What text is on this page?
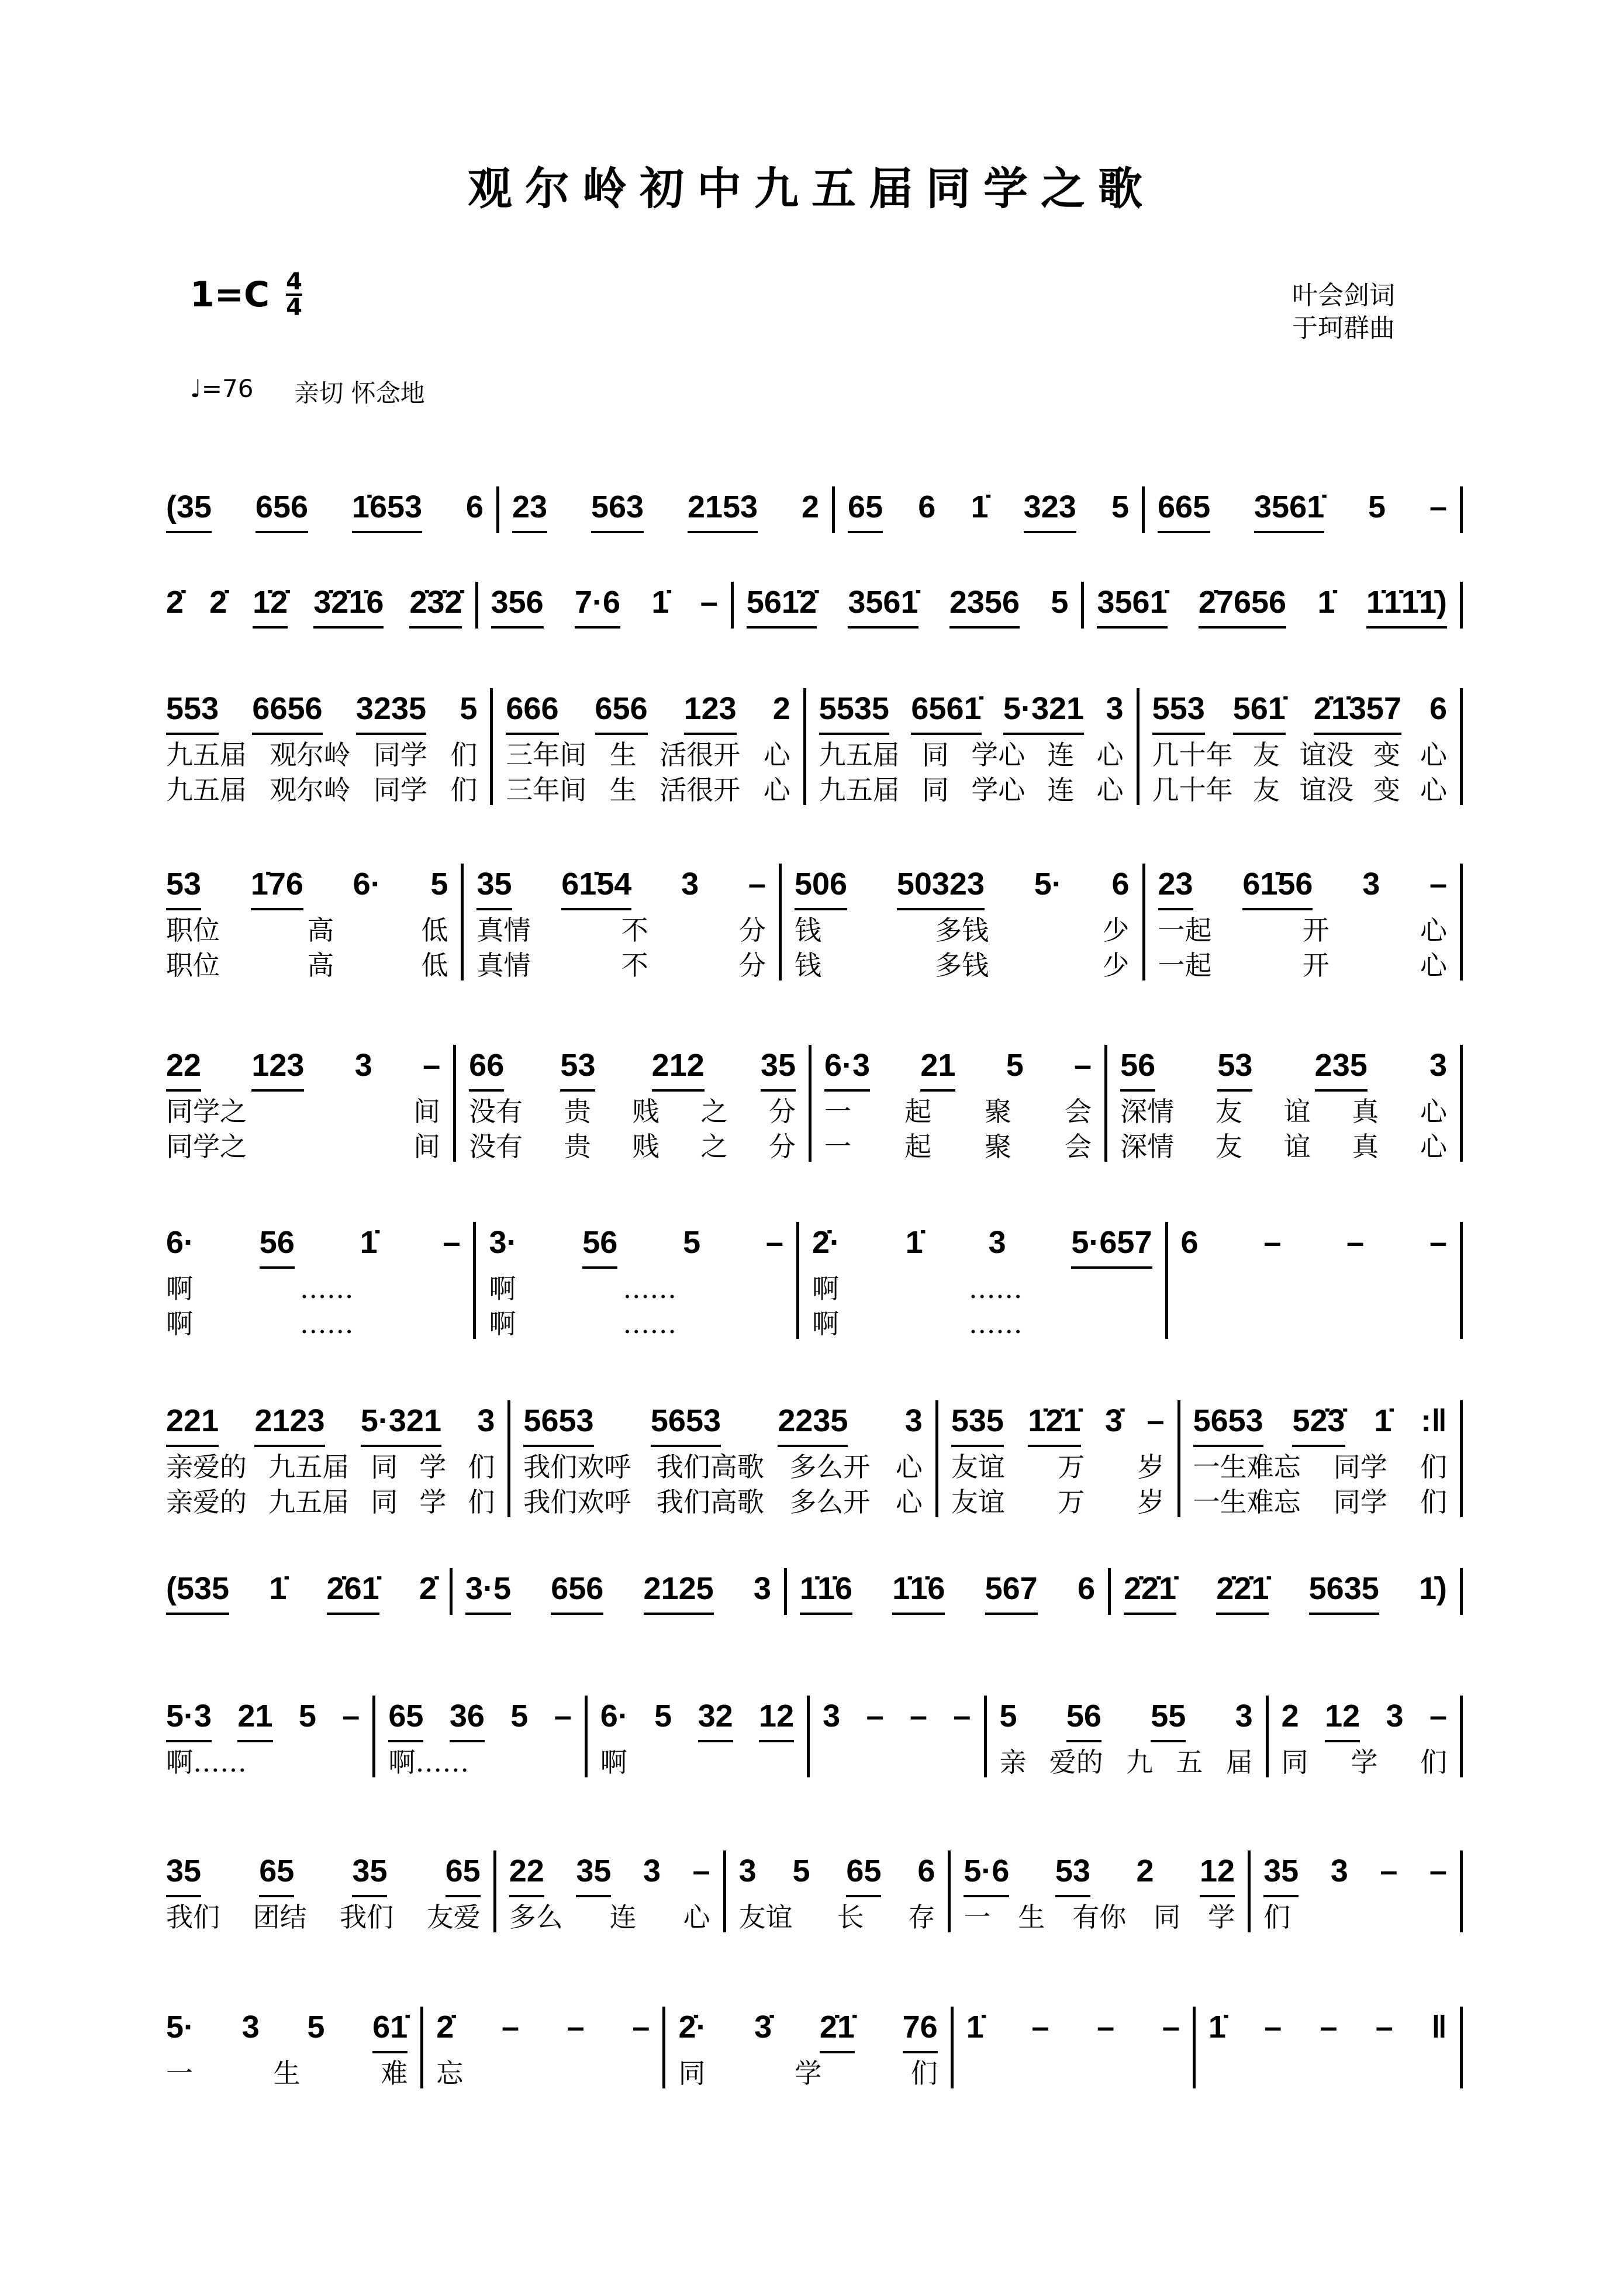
观尔岭初中九五届同学之歌
$1=C \frac{4}{4}$	叶会剑词
于珂群曲
♩=76 亲切 怀念地
(35 656 1̇653 6 23 563 2153 2 65 6 1̇ 323 5 665 3561̇ 5 –
2̇ 2̇ 1̇2̇ 3̇2̇1̇6 2̇3̇2̇ 356 7·6 1̇ – 561̇2̇ 3561̇ 2356 5 3561̇ 2̇7656 1̇ 1̇1̇1̇1̇)
553 6656 3235 5
九五届 观尔岭 同学 们
九五届 观尔岭 同学 们
666 656 123 2
三年间 生 活很开 心
三年间 生 活很开 心
5535 6561̇ 5·321 3
九五届 同 学心 连 心
九五届 同 学心 连 心
553 561̇ 2̇1̇357 6
几十年 友 谊没 变 心
几十年 友 谊没 变 心
53 1̇76 6· 5
职位	高	低
职位	高	低
35 61̇54 3 –
真情	不	分
真情	不	分
506 50323 5· 6
钱	多钱	少
钱	多钱	少
23 61̇56 3 –
一起	开	心
一起	开	心
22 123 3 –
同学之	间
同学之	间
66 53 212 35
没有 贵 贱 之 分
没有 贵 贱 之 分
6·3 21 5 –
一 起 聚 会
一 起 聚 会
56 53 235 3
深情 友 谊 真 心
深情 友 谊 真 心
6· 56 1̇ –
啊	……
啊	……
3· 56 5 –
啊	……
啊	……
2̇· 1̇ 3 5·657
啊	……
啊	……
6 – – –
221 2123 5·321 3
亲爱的 九五届 同 学 们
亲爱的 九五届 同 学 们
5653 5653 2235 3
我们欢呼 我们高歌 多么开 心
我们欢呼 我们高歌 多么开 心
535 1̇2̇1̇ 3̇ –
友谊 万 岁
友谊 万 岁
5653 52̇3̇ 1̇ :‖
一生难忘 同学 们
一生难忘 同学 们
(535 1̇ 2̇61̇ 2̇ 3·5 656 2125 3 1̇1̇6 1̇1̇6 567 6 2̇2̇1̇ 2̇2̇1̇ 5635 1̇)
5·3 21 5 –
啊……
65 36 5 –
啊……
6· 5 32 12
啊
3 – – – 5 56 55 3
亲 爱的 九 五 届
2 12 3 –
同 学 们
35 65 35 65
我们 团结 我们 友爱
22 35 3 –
多么 连 心
3 5 65 6
友谊 长 存
5·6 53 2 12
一 生 有你 同 学
35 3 – –
们
5· 3 5 61̇
一	生	难
2̇ – – –
忘
2̇· 3̇ 2̇1̇ 76
同	学	们
1̇ – – – 1̇ – – – ‖
